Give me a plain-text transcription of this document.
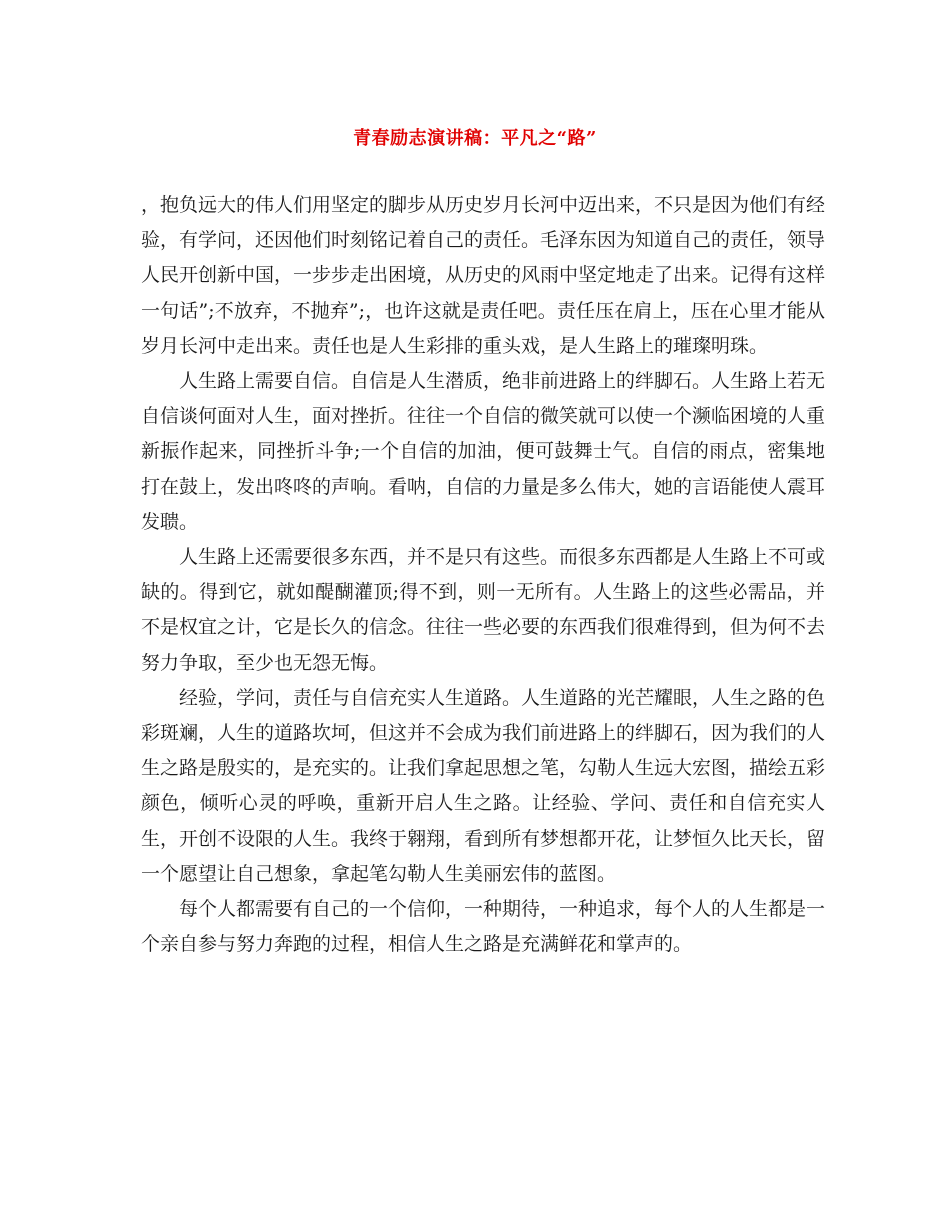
青春励志演讲稿：平凡之“路”

，抱负远大的伟人们用坚定的脚步从历史岁月长河中迈出来，不只是因为他们有经验，有学问，还因他们时刻铭记着自己的责任。毛泽东因为知道自己的责任，领导人民开创新中国，一步步走出困境，从历史的风雨中坚定地走了出来。记得有这样一句话”;不放弃，不抛弃”;，也许这就是责任吧。责任压在肩上，压在心里才能从岁月长河中走出来。责任也是人生彩排的重头戏，是人生路上的璀璨明珠。

人生路上需要自信。自信是人生潜质，绝非前进路上的绊脚石。人生路上若无自信谈何面对人生，面对挫折。往往一个自信的微笑就可以使一个濒临困境的人重新振作起来，同挫折斗争;一个自信的加油，便可鼓舞士气。自信的雨点，密集地打在鼓上，发出咚咚的声响。看呐，自信的力量是多么伟大，她的言语能使人震耳发聩。

人生路上还需要很多东西，并不是只有这些。而很多东西都是人生路上不可或缺的。得到它，就如醍醐灌顶;得不到，则一无所有。人生路上的这些必需品，并不是权宜之计，它是长久的信念。往往一些必要的东西我们很难得到，但为何不去努力争取，至少也无怨无悔。

经验，学问，责任与自信充实人生道路。人生道路的光芒耀眼，人生之路的色彩斑斓，人生的道路坎坷，但这并不会成为我们前进路上的绊脚石，因为我们的人生之路是殷实的，是充实的。让我们拿起思想之笔，勾勒人生远大宏图，描绘五彩颜色，倾听心灵的呼唤，重新开启人生之路。让经验、学问、责任和自信充实人生，开创不设限的人生。我终于翱翔，看到所有梦想都开花，让梦恒久比天长，留一个愿望让自己想象，拿起笔勾勒人生美丽宏伟的蓝图。

每个人都需要有自己的一个信仰，一种期待，一种追求，每个人的人生都是一个亲自参与努力奔跑的过程，相信人生之路是充满鲜花和掌声的。
